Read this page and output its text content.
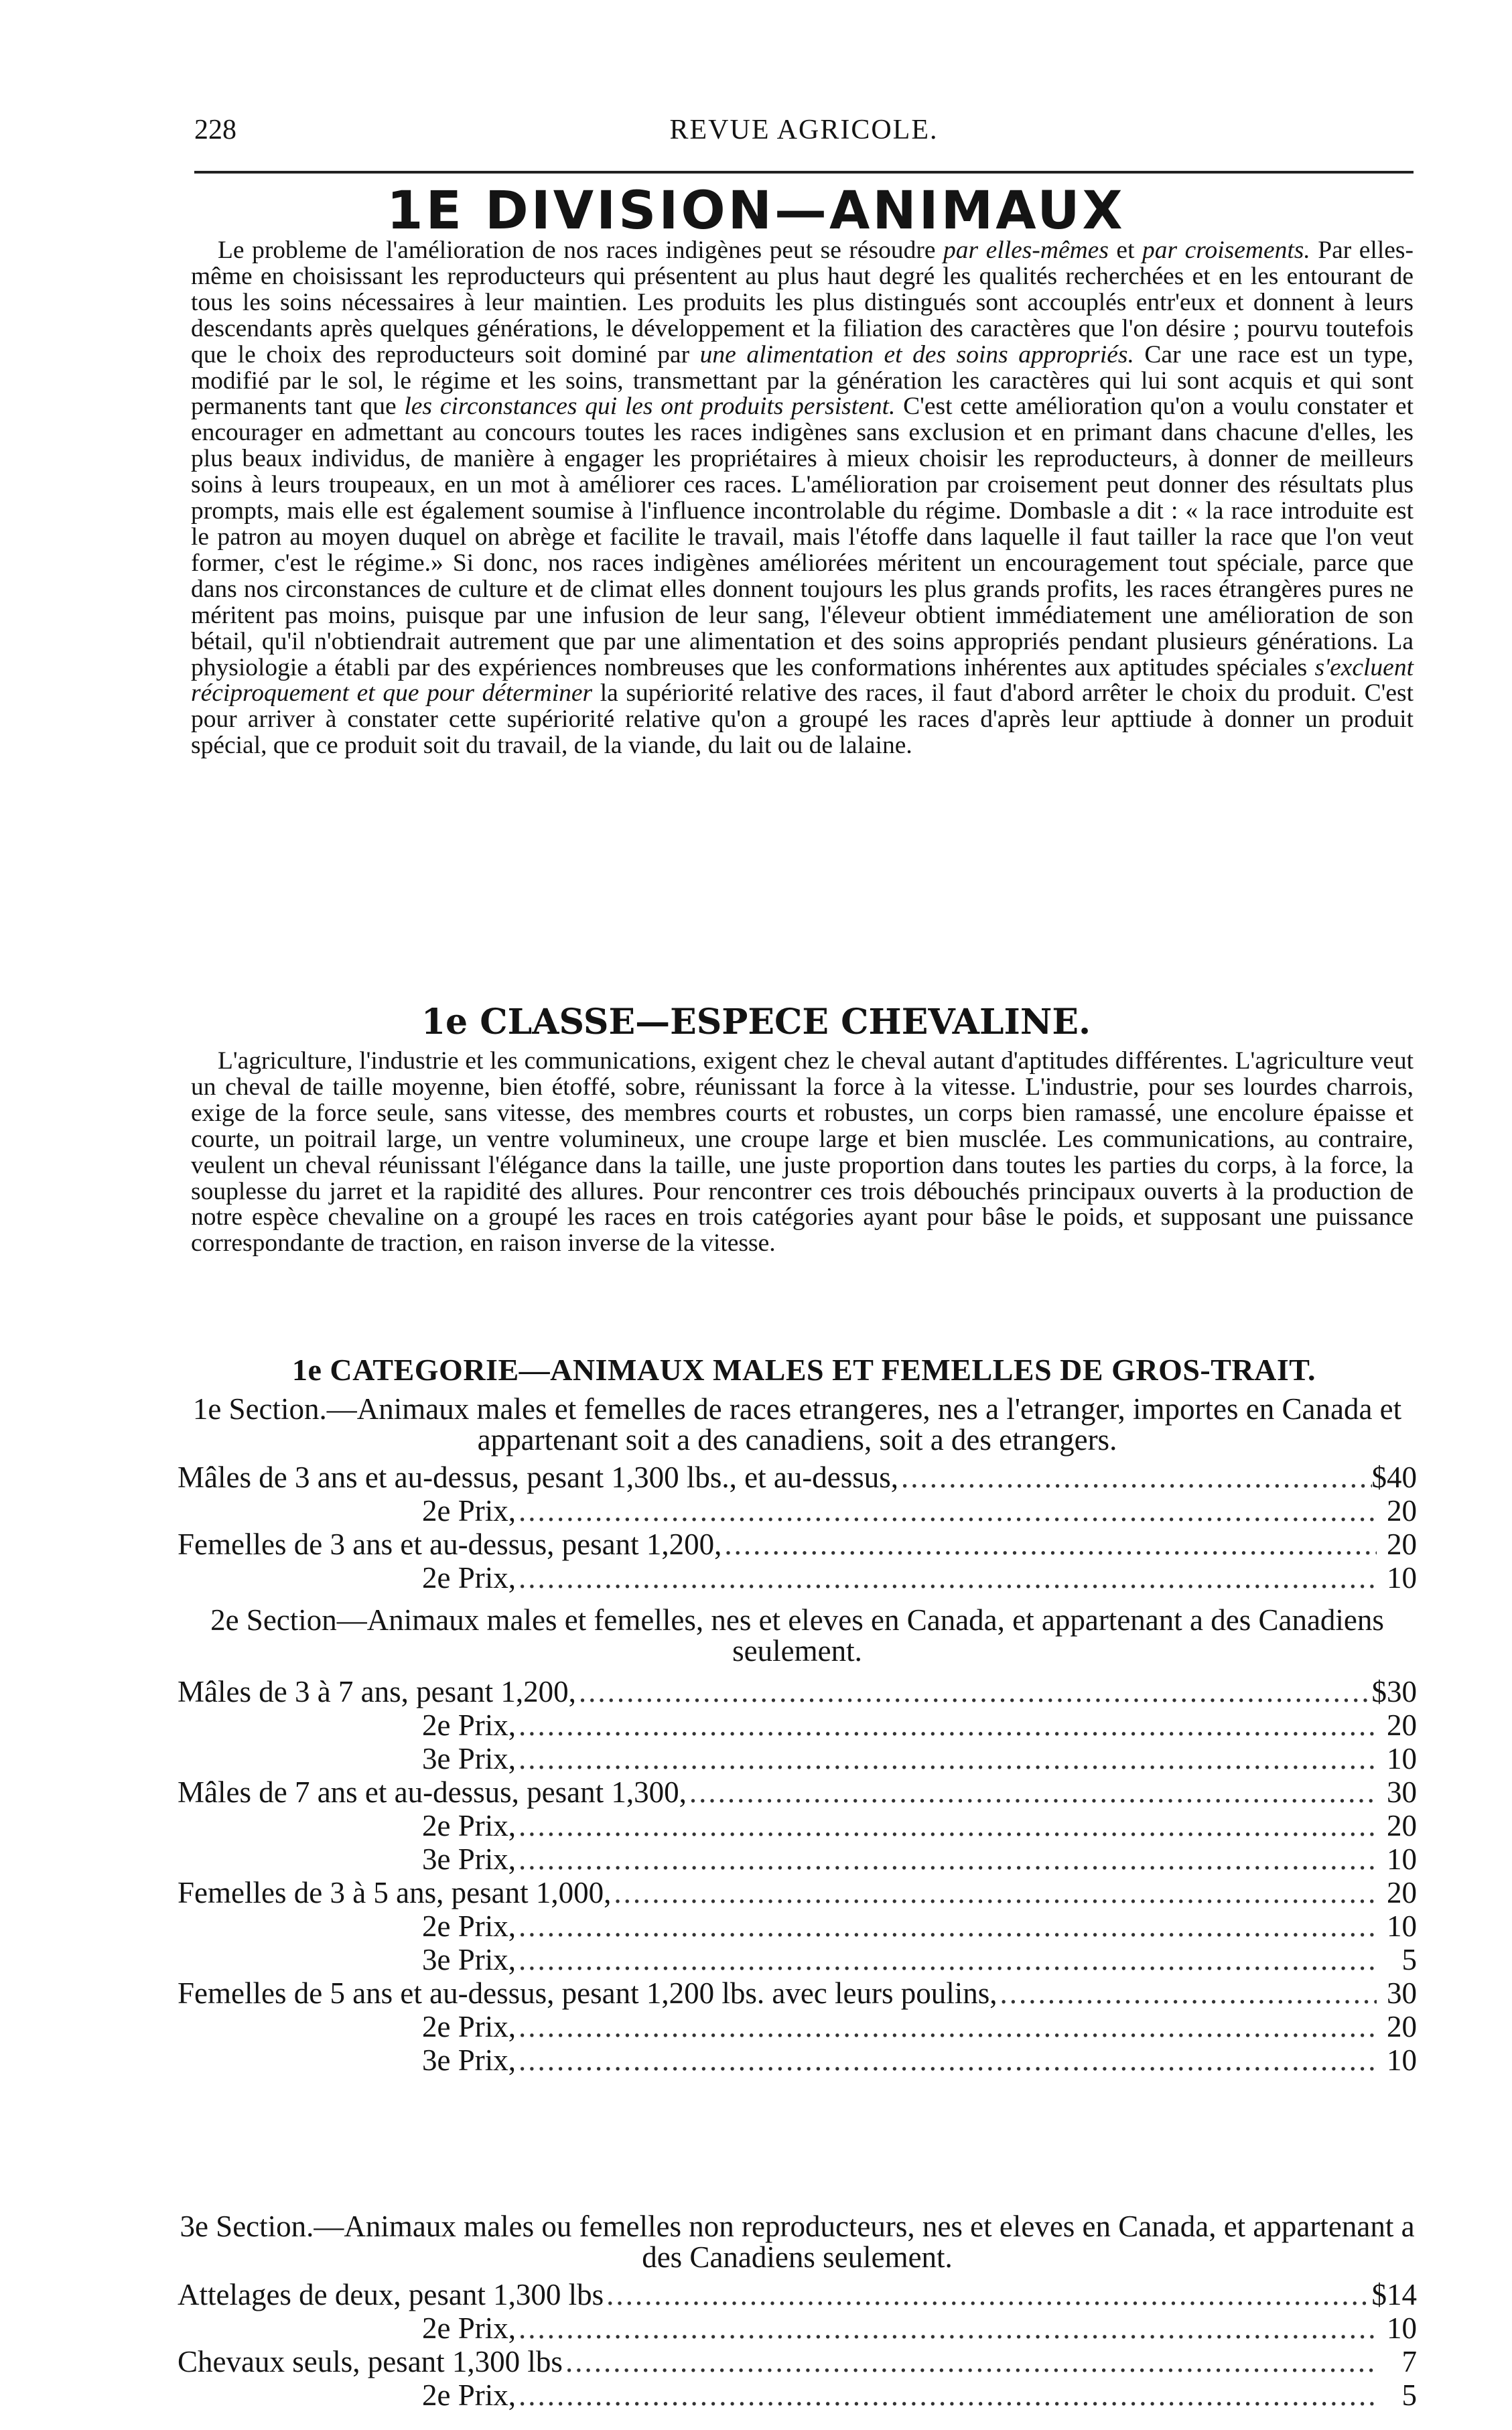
228	REVUE AGRICOLE.
1E DIVISION—ANIMAUX

Le probleme de l'amélioration de nos races indigènes peut se résoudre par elles-mêmes et par croisements. Par elles-même en choisissant les reproducteurs qui présentent au plus haut degré les qualités recherchées et en les entourant de tous les soins nécessaires à leur maintien. Les produits les plus distingués sont accouplés entr'eux et donnent à leurs descendants après quelques générations, le développement et la filiation des caractères que l'on désire ; pourvu toutefois que le choix des reproducteurs soit dominé par une alimentation et des soins appropriés. Car une race est un type, modifié par le sol, le régime et les soins, transmettant par la génération les caractères qui lui sont acquis et qui sont permanents tant que les circonstances qui les ont produits persistent. C'est cette amélioration qu'on a voulu constater et encourager en admettant au concours toutes les races indigènes sans exclusion et en primant dans chacune d'elles, les plus beaux individus, de manière à engager les propriétaires à mieux choisir les reproducteurs, à donner de meilleurs soins à leurs troupeaux, en un mot à améliorer ces races. L'amélioration par croisement peut donner des résultats plus prompts, mais elle est également soumise à l'influence incontrolable du régime. Dombasle a dit : « la race introduite est le patron au moyen duquel on abrège et facilite le travail, mais l'étoffe dans laquelle il faut tailler la race que l'on veut former, c'est le régime.» Si donc, nos races indigènes améliorées méritent un encouragement tout spéciale, parce que dans nos circonstances de culture et de climat elles donnent toujours les plus grands profits, les races étrangères pures ne méritent pas moins, puisque par une infusion de leur sang, l'éleveur obtient immédiatement une amélioration de son bétail, qu'il n'obtiendrait autrement que par une alimentation et des soins appropriés pendant plusieurs générations. La physiologie a établi par des expériences nombreuses que les conformations inhérentes aux aptitudes spéciales s'excluent réciproquement et que pour déterminer la supériorité relative des races, il faut d'abord arrêter le choix du produit. C'est pour arriver à constater cette supériorité relative qu'on a groupé les races d'après leur apttiude à donner un produit spécial, que ce produit soit du travail, de la viande, du lait ou de lalaine.

1e CLASSE—ESPECE CHEVALINE.

L'agriculture, l'industrie et les communications, exigent chez le cheval autant d'aptitudes différentes. L'agriculture veut un cheval de taille moyenne, bien étoffé, sobre, réunissant la force à la vitesse. L'industrie, pour ses lourdes charrois, exige de la force seule, sans vitesse, des membres courts et robustes, un corps bien ramassé, une encolure épaisse et courte, un poitrail large, un ventre volumineux, une croupe large et bien musclée. Les communications, au contraire, veulent un cheval réunissant l'élégance dans la taille, une juste proportion dans toutes les parties du corps, à la force, la souplesse du jarret et la rapidité des allures. Pour rencontrer ces trois débouchés principaux ouverts à la production de notre espèce chevaline on a groupé les races en trois catégories ayant pour bâse le poids, et supposant une puissance correspondante de traction, en raison inverse de la vitesse.

1e CATEGORIE—ANIMAUX MALES ET FEMELLES DE GROS-TRAIT.
1e Section.—Animaux males et femelles de races etrangeres, nes a l'etranger, importes en Canada et appartenant soit a des canadiens, soit a des etrangers.
Mâles de 3 ans et au-dessus, pesant 1,300 lbs., et au-dessus, .....	$40
2e Prix, .....	20
Femelles de 3 ans et au-dessus, pesant 1,200, .....	20
2e Prix, .....	10
2e Section—Animaux males et femelles, nes et eleves en Canada, et appartenant a des Canadiens seulement.
Mâles de 3 à 7 ans, pesant 1,200, .....	$30
2e Prix, .....	20
3e Prix, .....	10
Mâles de 7 ans et au-dessus, pesant 1,300, .....	30
2e Prix, .....	20
3e Prix, .....	10
Femelles de 3 à 5 ans, pesant 1,000, .....	20
2e Prix, .....	10
3e Prix, .....	5
Femelles de 5 ans et au-dessus, pesant 1,200 lbs. avec leurs poulins, .....	30
2e Prix, .....	20
3e Prix, .....	10
3e Section.—Animaux males ou femelles non reproducteurs, nes et eleves en Canada, et appartenant a des Canadiens seulement.
Attelages de deux, pesant 1,300 lbs .....	$14
2e Prix, .....	10
Chevaux seuls, pesant 1,300 lbs .....	7
2e Prix, .....	5
